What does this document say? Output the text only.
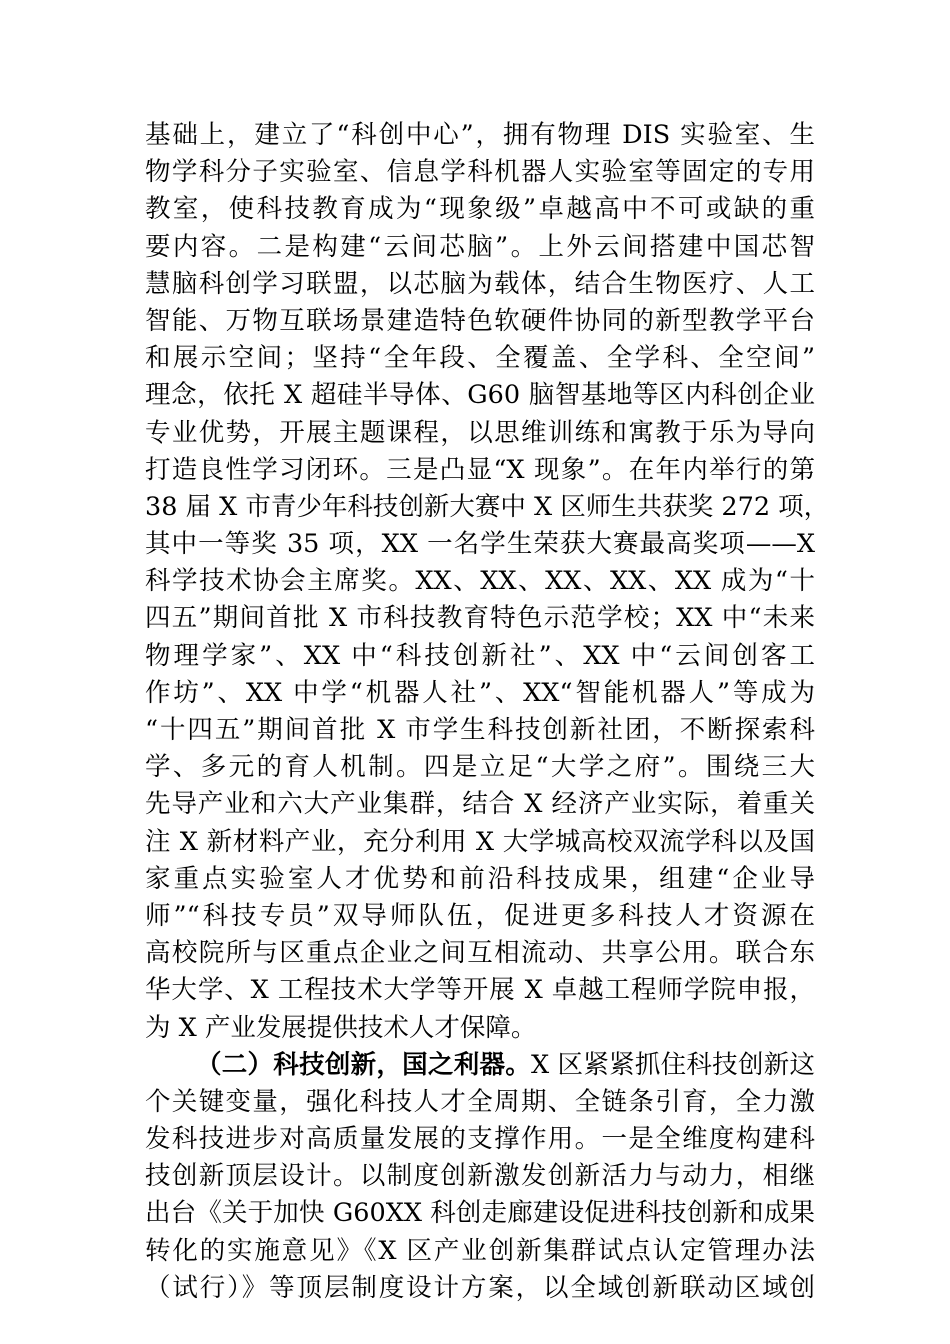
基础上，建立了“科创中心”，拥有物理 DIS 实验室、生
物学科分子实验室、信息学科机器人实验室等固定的专用
教室，使科技教育成为“现象级”卓越高中不可或缺的重
要内容。二是构建“云间芯脑”。上外云间搭建中国芯智
慧脑科创学习联盟，以芯脑为载体，结合生物医疗、人工
智能、万物互联场景建造特色软硬件协同的新型教学平台
和展示空间；坚持“全年段、全覆盖、全学科、全空间”
理念，依托 X 超硅半导体、G60 脑智基地等区内科创企业
专业优势，开展主题课程，以思维训练和寓教于乐为导向
打造良性学习闭环。三是凸显“X 现象”。在年内举行的第
38 届 X 市青少年科技创新大赛中 X 区师生共获奖 272 项，
其中一等奖 35 项，XX 一名学生荣获大赛最高奖项——X
科学技术协会主席奖。XX、XX、XX、XX、XX 成为“十
四五”期间首批 X 市科技教育特色示范学校；XX 中“未来
物理学家”、XX 中“科技创新社”、XX 中“云间创客工
作坊”、XX 中学“机器人社”、XX“智能机器人”等成为
“十四五”期间首批 X 市学生科技创新社团，不断探索科
学、多元的育人机制。四是立足“大学之府”。围绕三大
先导产业和六大产业集群，结合 X 经济产业实际，着重关
注 X 新材料产业，充分利用 X 大学城高校双流学科以及国
家重点实验室人才优势和前沿科技成果，组建“企业导
师”“科技专员”双导师队伍，促进更多科技人才资源在
高校院所与区重点企业之间互相流动、共享公用。联合东
华大学、X 工程技术大学等开展 X 卓越工程师学院申报，
为 X 产业发展提供技术人才保障。
（二）科技创新，国之利器。X 区紧紧抓住科技创新这
个关键变量，强化科技人才全周期、全链条引育，全力激
发科技进步对高质量发展的支撑作用。一是全维度构建科
技创新顶层设计。以制度创新激发创新活力与动力，相继
出台《关于加快 G60XX 科创走廊建设促进科技创新和成果
转化的实施意见》《X 区产业创新集群试点认定管理办法
（试行）》等顶层制度设计方案，以全域创新联动区域创
